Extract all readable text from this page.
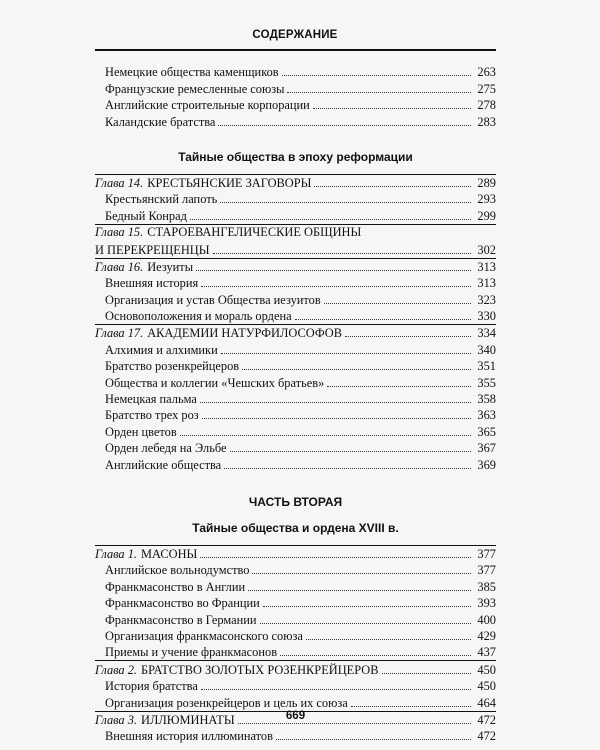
СОДЕРЖАНИЕ
Немецкие общества каменщиков	263
Французские ремесленные союзы	275
Английские строительные корпорации	278
Каландские братства	283
Тайные общества в эпоху реформации
Глава 14. КРЕСТЬЯНСКИЕ ЗАГОВОРЫ	289
Крестьянский лапоть	293
Бедный Конрад	299
Глава 15. СТАРОЕВАНГЕЛИЧЕСКИЕ ОБЩИНЫ
И ПЕРЕКРЕЩЕНЦЫ	302
Глава 16. Иезуиты	313
Внешняя история	313
Организация и устав Общества иезуитов	323
Основоположения и мораль ордена	330
Глава 17. АКАДЕМИИ НАТУРФИЛОСОФОВ	334
Алхимия и алхимики	340
Братство розенкрейцеров	351
Общества и коллегии «Чешских братьев»	355
Немецкая пальма	358
Братство трех роз	363
Орден цветов	365
Орден лебедя на Эльбе	367
Английские общества	369
ЧАСТЬ ВТОРАЯ
Тайные общества и ордена XVIII в.
Глава 1. МАСОНЫ	377
Английское вольнодумство	377
Франкмасонство в Англии	385
Франкмасонство во Франции	393
Франкмасонство в Германии	400
Организация франкмасонского союза	429
Приемы и учение франкмасонов	437
Глава 2. БРАТСТВО ЗОЛОТЫХ РОЗЕНКРЕЙЦЕРОВ	450
История братства	450
Организация розенкрейцеров и цель их союза	464
Глава 3. ИЛЛЮМИНАТЫ	472
Внешняя история иллюминатов	472
669
